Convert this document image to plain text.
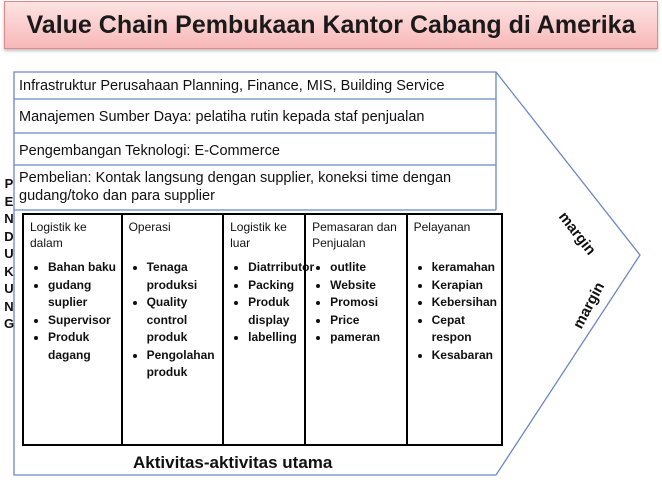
Value Chain Pembukaan Kantor Cabang di Amerika
Infrastruktur Perusahaan Planning, Finance, MIS, Building Service
Manajemen Sumber Daya: pelatiha rutin kepada staf penjualan
Pengembangan Teknologi: E-Commerce
Pembelian: Kontak langsung dengan supplier, koneksi time dengan gudang/toko dan para supplier
P
E
N
D
U
K
U
N
G
Logistik ke dalam
• Bahan baku
• gudang suplier
• Supervisor
• Produk dagang
Operasi
• Tenaga produksi
• Quality control produk
• Pengolahan produk
Logistik ke luar
• Diatrributor
• Packing
• Produk display
• labelling
Pemasaran dan Penjualan
• outlite
• Website
• Promosi
• Price
• pameran
Pelayanan
• keramahan
• Kerapian
• Kebersihan
• Cepat respon
• Kesabaran
Aktivitas-aktivitas utama
margin
margin
